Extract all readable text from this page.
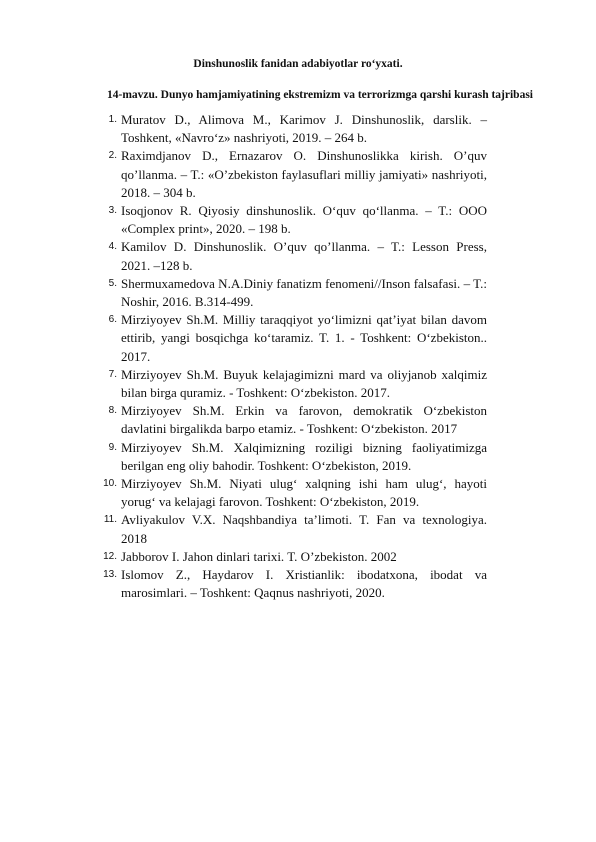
Dinshunoslik fanidan adabiyotlar ro‘yxati.
14-mavzu. Dunyo hamjamiyatining ekstremizm va terrorizmga qarshi kurash tajribasi
1. Muratov D., Alimova M., Karimov J. Dinshunoslik, darslik. – Toshkent, «Navro‘z» nashriyoti, 2019. – 264 b.
2. Raximdjanov D., Ernazarov O. Dinshunoslikka kirish. O’quv qo’llanma. – T.: «O’zbekiston faylasuflari milliy jamiyati» nashriyoti, 2018. – 304 b.
3. Isoqjonov R. Qiyosiy dinshunoslik. O‘quv qo‘llanma. – T.: OOO «Complex print», 2020. – 198 b.
4. Kamilov D. Dinshunoslik. O’quv qo’llanma. – T.: Lesson Press, 2021. –128 b.
5. Shermuxamedova N.A.Diniy fanatizm fenomeni//Inson falsafasi. – T.: Noshir, 2016. B.314-499.
6. Mirziyoyev Sh.M. Milliy taraqqiyot yo‘limizni qat’iyat bilan davom ettirib, yangi bosqichga ko‘taramiz. T. 1. - Toshkent: O‘zbekiston.. 2017.
7. Mirziyoyev Sh.M. Buyuk kelajagimizni mard va oliyjanob xalqimiz bilan birga quramiz. - Toshkent: O‘zbekiston. 2017.
8. Mirziyoyev Sh.M. Erkin va farovon, demokratik O‘zbekiston davlatini birgalikda barpo etamiz. - Toshkent: O‘zbekiston. 2017
9. Mirziyoyev Sh.M. Xalqimizning roziligi bizning faoliyatimizga berilgan eng oliy bahodir. Toshkent: O‘zbekiston, 2019.
10. Mirziyoyev Sh.M. Niyati ulug‘ xalqning ishi ham ulug‘, hayoti yorug‘ va kelajagi farovon. Toshkent: O‘zbekiston, 2019.
11. Avliyakulov V.X. Naqshbandiya ta’limoti. T. Fan va texnologiya. 2018
12. Jabborov I. Jahon dinlari tarixi. T. O’zbekiston. 2002
13. Islomov Z., Haydarov I. Xristianlik: ibodatxona, ibodat va marosimlari. – Toshkent: Qaqnus nashriyoti, 2020.
